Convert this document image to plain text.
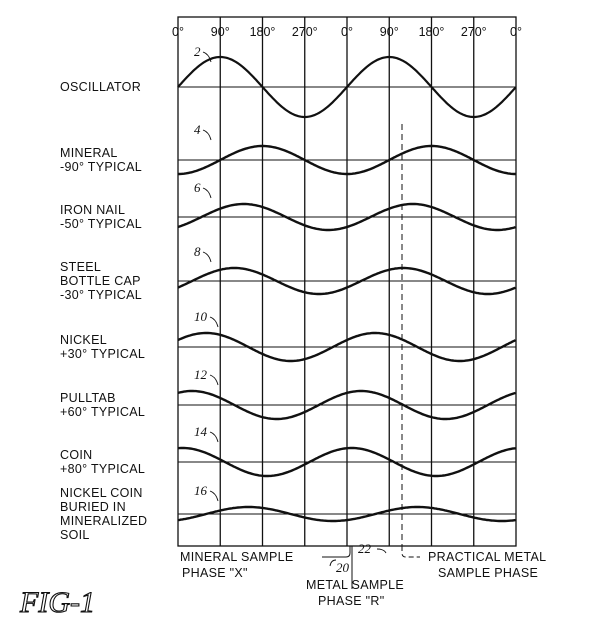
0° 90° 180° 270° 0° 90° 180° 270° 0°
OSCILLATOR
MINERAL
-90° TYPICAL
IRON NAIL
-50° TYPICAL
STEEL
BOTTLE CAP
-30° TYPICAL
NICKEL
+30° TYPICAL
PULLTAB
+60° TYPICAL
COIN
+80° TYPICAL
NICKEL COIN
BURIED IN
MINERALIZED
SOIL
2
4
6
8
10
12
14
16
MINERAL SAMPLE
PHASE "X"	20
METAL SAMPLE
PHASE "R"
PRACTICAL METAL
SAMPLE PHASE
22
FIG-1
